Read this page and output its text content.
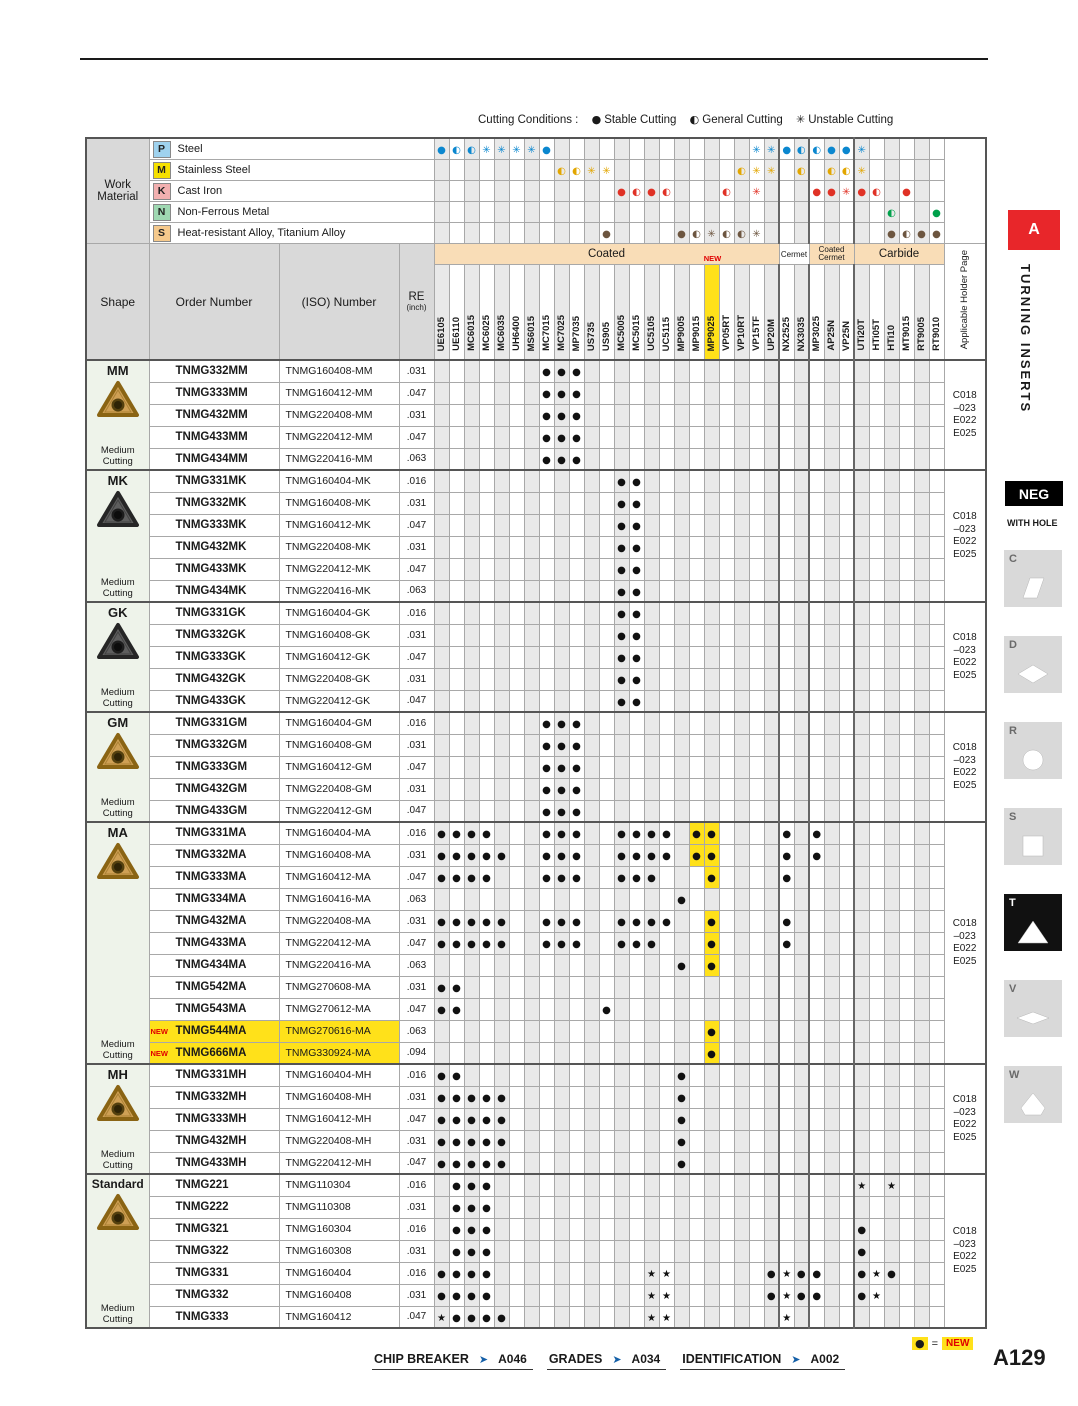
Cutting Conditions : ● Stable Cutting ◐ General Cutting ✳ Unstable Cutting
Work Material	P Steel			●	◐	◐	✳	✳	✳	✳	●														✳	✳	●	◐	◐	●	●	✳						

	M Stainless Steel											◐	◐	✳	✳									◐	✳	✳		◐		◐	◐	✳						

	K Cast Iron															●	◐	●	◐				◐		✳				●	●	✳	●	◐		●			

	N Non-Ferrous Metal																																	◐			●	

	S Heat-resistant Alloy, Titanium Alloy														●					●	◐	✳	◐	◐	✳									●	◐	●	●	
Shape	Order Number	(ISO) Number	RE
(inch)	Coated NEW																							Cermet		Coated Cermet			Carbide						Applicable Holder Page
				UE6105	UE6110	MC6015	MC6025	MC6035	UH6400	MS6015	MC7015	MC7025	MP7035	US735	US905	MC5005	MC5015	UC5105	UC5115	MP9005	MP9015	MP9025	VP05RT	VP10RT	VP15TF	UP20M	NX2525	NX3035	MP3025	AP25N	VP25N	UTi20T	HTi05T	HTi10	MT9015	RT9005	RT9010	

MM
Medium Cutting
	TNMG332MM	TNMG160408-MM	.031								●	●	●																									
C018
–023
E022
E025

	TNMG333MM	TNMG160412-MM	.047								●	●	●																									
	TNMG432MM	TNMG220408-MM	.031								●	●	●																									
	TNMG433MM	TNMG220412-MM	.047								●	●	●																									
	TNMG434MM	TNMG220416-MM	.063								●	●	●																									

MK
Medium Cutting
	TNMG331MK	TNMG160404-MK	.016													●	●																					
C018
–023
E022
E025

	TNMG332MK	TNMG160408-MK	.031													●	●																					
	TNMG333MK	TNMG160412-MK	.047													●	●																					
	TNMG432MK	TNMG220408-MK	.031													●	●																					
	TNMG433MK	TNMG220412-MK	.047													●	●																					
	TNMG434MK	TNMG220416-MK	.063													●	●																					

GK
Medium Cutting
	TNMG331GK	TNMG160404-GK	.016													●	●																					
C018
–023
E022
E025

	TNMG332GK	TNMG160408-GK	.031													●	●																					
	TNMG333GK	TNMG160412-GK	.047													●	●																					
	TNMG432GK	TNMG220408-GK	.031													●	●																					
	TNMG433GK	TNMG220412-GK	.047													●	●																					

GM
Medium Cutting
	TNMG331GM	TNMG160404-GM	.016								●	●	●																									
C018
–023
E022
E025

	TNMG332GM	TNMG160408-GM	.031								●	●	●																									
	TNMG333GM	TNMG160412-GM	.047								●	●	●																									
	TNMG432GM	TNMG220408-GM	.031								●	●	●																									
	TNMG433GM	TNMG220412-GM	.047								●	●	●																									

MA
Medium Cutting
	TNMG331MA	TNMG160404-MA	.016	●	●	●	●				●	●	●			●	●	●	●		●	●					●		●									
C018
–023
E022
E025

	TNMG332MA	TNMG160408-MA	.031	●	●	●	●	●			●	●	●			●	●	●	●		●	●					●		●									
	TNMG333MA	TNMG160412-MA	.047	●	●	●	●				●	●	●			●	●	●				●					●											
	TNMG334MA	TNMG160416-MA	.063																	●																		
	TNMG432MA	TNMG220408-MA	.031	●	●	●	●	●			●	●	●			●	●	●	●			●					●											
	TNMG433MA	TNMG220412-MA	.047	●	●	●	●	●			●	●	●			●	●	●				●					●											
	TNMG434MA	TNMG220416-MA	.063																	●		●																
	TNMG542MA	TNMG270608-MA	.031	●	●																																	
	TNMG543MA	TNMG270612-MA	.047	●	●										●																							

	NEW TNMG544MA	TNMG270616-MA	.063																			●																

	NEW TNMG666MA	TNMG330924-MA	.094																			●																

MH
Medium Cutting
	TNMG331MH	TNMG160404-MH	.016	●	●															●																		
C018
–023
E022
E025

	TNMG332MH	TNMG160408-MH	.031	●	●	●	●	●												●																		
	TNMG333MH	TNMG160412-MH	.047	●	●	●	●	●												●																		
	TNMG432MH	TNMG220408-MH	.031	●	●	●	●	●												●																		
	TNMG433MH	TNMG220412-MH	.047	●	●	●	●	●												●																		

Standard
Medium Cutting
	TNMG221	TNMG110304	.016		●	●	●																									★		★				
C018
–023
E022
E025

	TNMG222	TNMG110308	.031		●	●	●																															
	TNMG321	TNMG160304	.016		●	●	●																									●						
	TNMG322	TNMG160308	.031		●	●	●																									●						
	TNMG331	TNMG160404	.016	●	●	●	●											★	★							●	★	●	●			●	★	●				
	TNMG332	TNMG160408	.031	●	●	●	●											★	★							●	★	●	●			●	★					
	TNMG333	TNMG160412	.047	★	●	●	●	●										★	★								★											
A
TURNING INSERTS
NEG
WITH HOLE
C
D
R
S
T
V
W
● = NEW
CHIP BREAKER ➤ A046 GRADES ➤ A034 IDENTIFICATION ➤ A002	A129
